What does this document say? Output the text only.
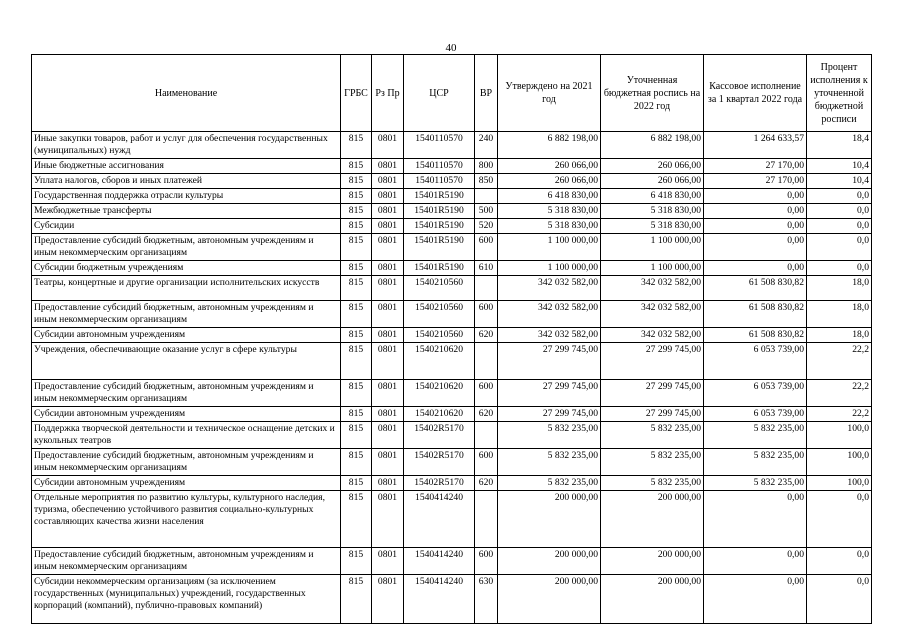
40
Наименование	ГРБС	Рз Пр	ЦСР	ВР	Утверждено на 2021 год	Уточненная бюджетная роспись на 2022 год	Кассовое исполнение за 1 квартал 2022 года	Процент исполнения к уточненной бюджетной росписи
Иные закупки товаров, работ и услуг для обеспечения государственных (муниципальных) нужд	815	0801	1540110570	240	6 882 198,00	6 882 198,00	1 264 633,57	18,4
Иные бюджетные ассигнования	815	0801	1540110570	800	260 066,00	260 066,00	27 170,00	10,4
Уплата налогов, сборов и иных платежей	815	0801	1540110570	850	260 066,00	260 066,00	27 170,00	10,4
Государственная поддержка отрасли культуры	815	0801	15401R5190		6 418 830,00	6 418 830,00	0,00	0,0
Межбюджетные трансферты	815	0801	15401R5190	500	5 318 830,00	5 318 830,00	0,00	0,0
Субсидии	815	0801	15401R5190	520	5 318 830,00	5 318 830,00	0,00	0,0
Предоставление субсидий бюджетным, автономным учреждениям и иным некоммерческим организациям	815	0801	15401R5190	600	1 100 000,00	1 100 000,00	0,00	0,0
Субсидии бюджетным учреждениям	815	0801	15401R5190	610	1 100 000,00	1 100 000,00	0,00	0,0
Театры, концертные и другие организации исполнительских искусств	815	0801	1540210560		342 032 582,00	342 032 582,00	61 508 830,82	18,0
Предоставление субсидий бюджетным, автономным учреждениям и иным некоммерческим организациям	815	0801	1540210560	600	342 032 582,00	342 032 582,00	61 508 830,82	18,0
Субсидии автономным учреждениям	815	0801	1540210560	620	342 032 582,00	342 032 582,00	61 508 830,82	18,0
Учреждения, обеспечивающие оказание услуг в сфере культуры	815	0801	1540210620		27 299 745,00	27 299 745,00	6 053 739,00	22,2
Предоставление субсидий бюджетным, автономным учреждениям и иным некоммерческим организациям	815	0801	1540210620	600	27 299 745,00	27 299 745,00	6 053 739,00	22,2
Субсидии автономным учреждениям	815	0801	1540210620	620	27 299 745,00	27 299 745,00	6 053 739,00	22,2
Поддержка творческой деятельности и техническое оснащение детских и кукольных театров	815	0801	15402R5170		5 832 235,00	5 832 235,00	5 832 235,00	100,0
Предоставление субсидий бюджетным, автономным учреждениям и иным некоммерческим организациям	815	0801	15402R5170	600	5 832 235,00	5 832 235,00	5 832 235,00	100,0
Субсидии автономным учреждениям	815	0801	15402R5170	620	5 832 235,00	5 832 235,00	5 832 235,00	100,0
Отдельные мероприятия по развитию культуры, культурного наследия, туризма, обеспечению устойчивого развития социально-культурных составляющих качества жизни населения	815	0801	1540414240		200 000,00	200 000,00	0,00	0,0
Предоставление субсидий бюджетным, автономным учреждениям и иным некоммерческим организациям	815	0801	1540414240	600	200 000,00	200 000,00	0,00	0,0
Субсидии некоммерческим организациям (за исключением государственных (муниципальных) учреждений, государственных корпораций (компаний), публично-правовых компаний)	815	0801	1540414240	630	200 000,00	200 000,00	0,00	0,0
